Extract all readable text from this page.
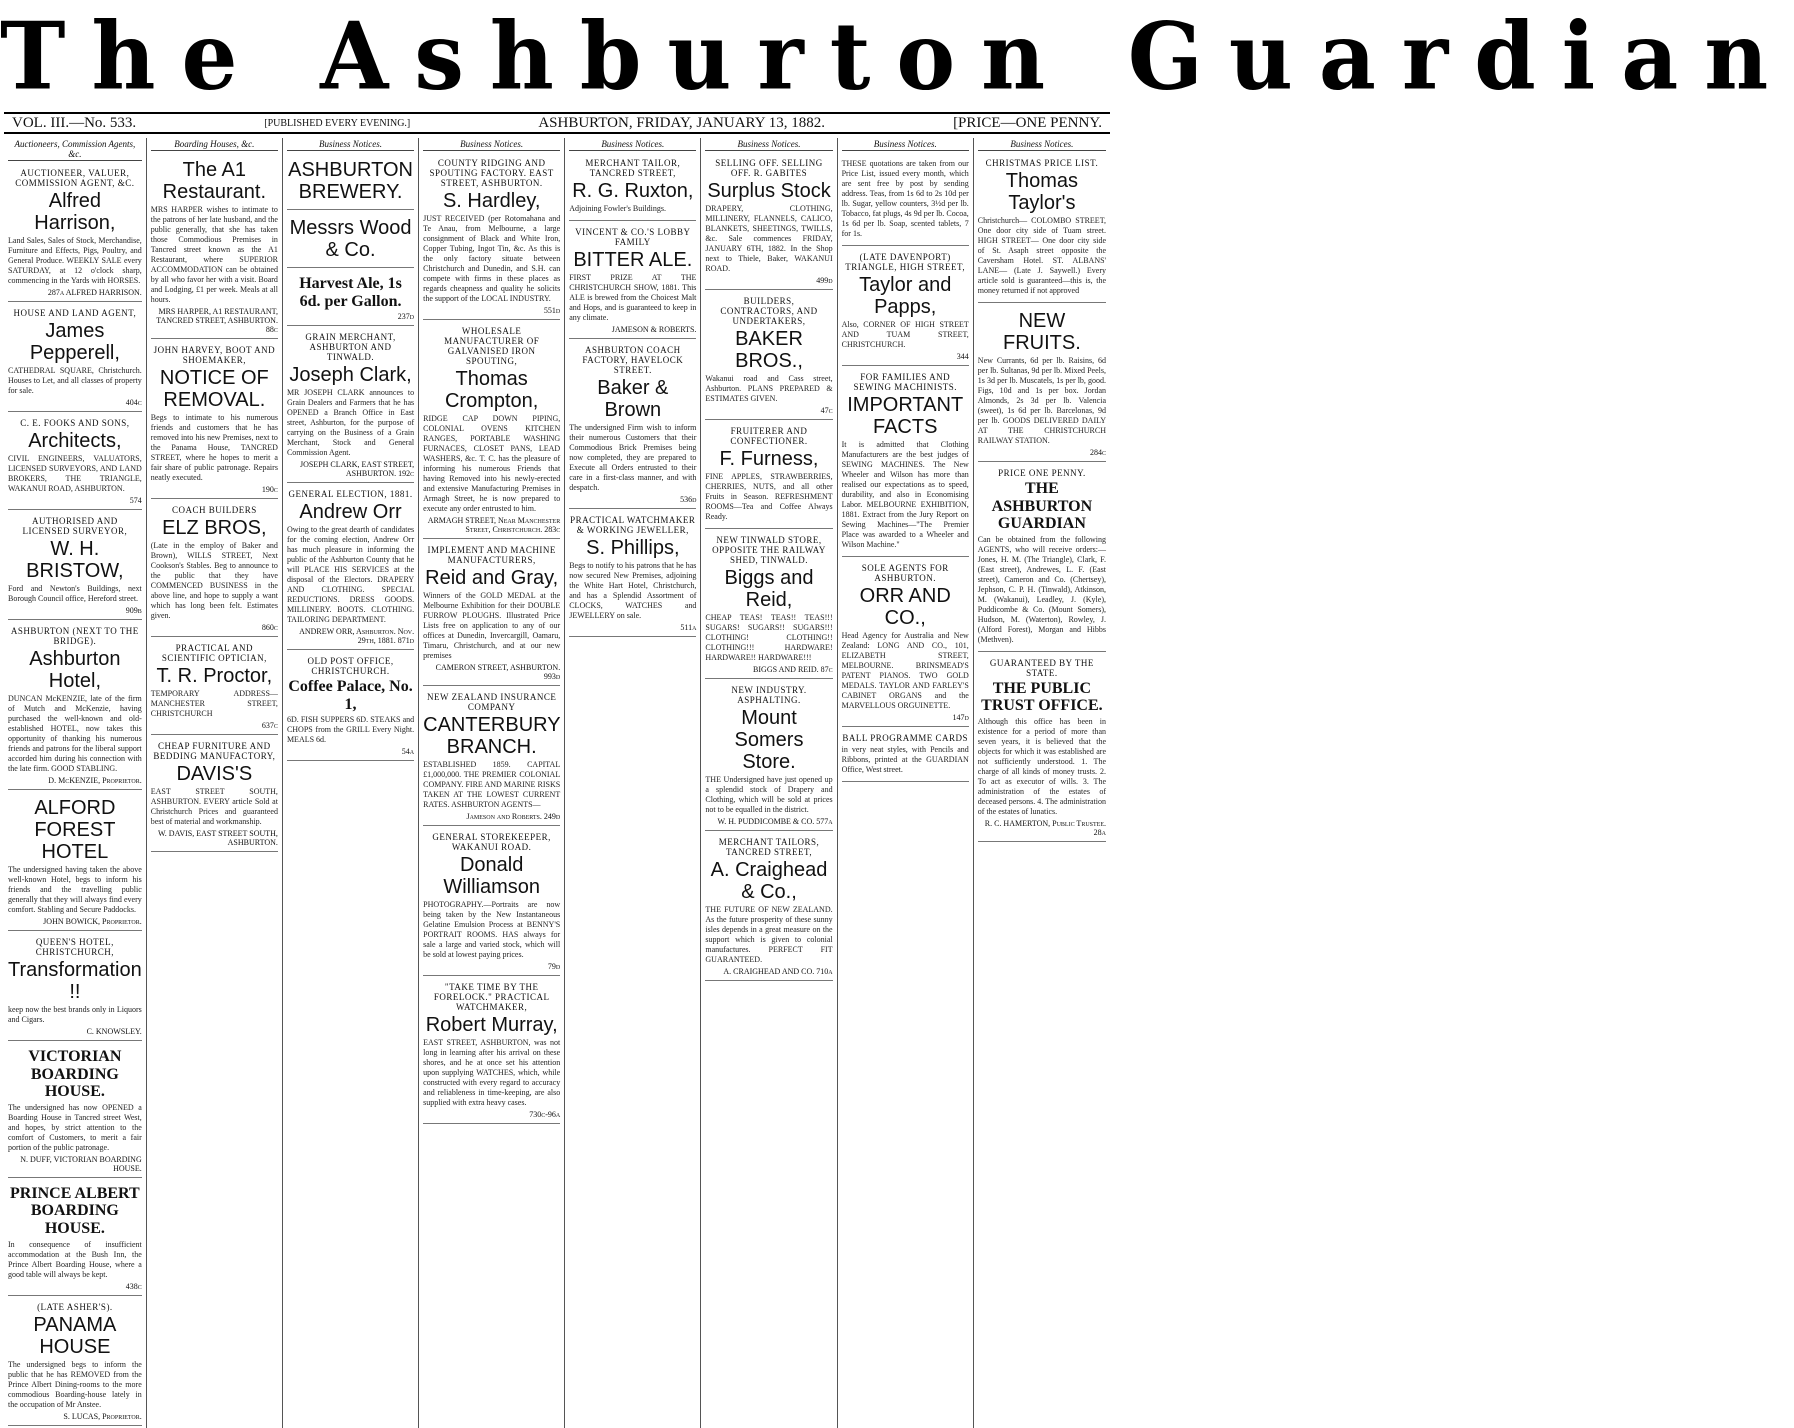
The Ashburton Guardian
VOL. III.—No. 533.	[PUBLISHED EVERY EVENING.]	ASHBURTON, FRIDAY, JANUARY 13, 1882.	[PRICE—ONE PENNY.
Auctioneers, Commission Agents, &c.
AUCTIONEER, VALUER, COMMISSION AGENT, &C.
Alfred Harrison,

Land Sales, Sales of Stock, Merchandise, Furniture and Effects, Pigs, Poultry, and General Produce. WEEKLY SALE every SATURDAY, at 12 o'clock sharp, commencing in the Yards with HORSES.

287a ALFRED HARRISON.
HOUSE AND LAND AGENT,
James Pepperell,

CATHEDRAL SQUARE, Christchurch. Houses to Let, and all classes of property for sale.

404c
C. E. FOOKS AND SONS,
Architects,

CIVIL ENGINEERS, VALUATORS, LICENSED SURVEYORS, AND LAND BROKERS, THE TRIANGLE, WAKANUI ROAD, ASHBURTON.

574
AUTHORISED AND LICENSED SURVEYOR,
W. H. BRISTOW,

Ford and Newton's Buildings, next Borough Council office, Hereford street.

909b
ASHBURTON (NEXT TO THE BRIDGE).
Ashburton Hotel,

DUNCAN McKENZIE, late of the firm of Mutch and McKenzie, having purchased the well-known and old-established HOTEL, now takes this opportunity of thanking his numerous friends and patrons for the liberal support accorded him during his connection with the late firm. GOOD STABLING.

D. McKENZIE, Proprietor.
ALFORD FOREST HOTEL

The undersigned having taken the above well-known Hotel, begs to inform his friends and the travelling public generally that they will always find every comfort. Stabling and Secure Paddocks.

JOHN BOWICK, Proprietor.
QUEEN'S HOTEL, CHRISTCHURCH,
Transformation !!

keep now the best brands only in Liquors and Cigars.

C. KNOWSLEY.
VICTORIAN BOARDING HOUSE.

The undersigned has now OPENED a Boarding House in Tancred street West, and hopes, by strict attention to the comfort of Customers, to merit a fair portion of the public patronage.

N. DUFF, VICTORIAN BOARDING HOUSE.
PRINCE ALBERT BOARDING HOUSE.

In consequence of insufficient accommodation at the Bush Inn, the Prince Albert Boarding House, where a good table will always be kept.

438c
(LATE ASHER'S).
PANAMA HOUSE

The undersigned begs to inform the public that he has REMOVED from the Prince Albert Dining-rooms to the more commodious Boarding-house lately in the occupation of Mr Anstee.

S. LUCAS, Proprietor.
Boarding Houses, &c.
The A1 Restaurant.

MRS HARPER wishes to intimate to the patrons of her late husband, and the public generally, that she has taken those Commodious Premises in Tancred street known as the A1 Restaurant, where SUPERIOR ACCOMMODATION can be obtained by all who favor her with a visit. Board and Lodging, £1 per week. Meals at all hours.

MRS HARPER, A1 RESTAURANT, TANCRED STREET, ASHBURTON. 88c
JOHN HARVEY, BOOT AND SHOEMAKER,
NOTICE OF REMOVAL.

Begs to intimate to his numerous friends and customers that he has removed into his new Premises, next to the Panama House, TANCRED STREET, where he hopes to merit a fair share of public patronage. Repairs neatly executed.

190c
COACH BUILDERS
ELZ BROS,

(Late in the employ of Baker and Brown), WILLS STREET, Next Cookson's Stables. Beg to announce to the public that they have COMMENCED BUSINESS in the above line, and hope to supply a want which has long been felt. Estimates given.

860c
PRACTICAL AND SCIENTIFIC OPTICIAN,
T. R. Proctor,

TEMPORARY ADDRESS— MANCHESTER STREET, CHRISTCHURCH

637c
CHEAP FURNITURE AND BEDDING MANUFACTORY,
DAVIS'S

EAST STREET SOUTH, ASHBURTON. EVERY article Sold at Christchurch Prices and guaranteed best of material and workmanship.

W. DAVIS, EAST STREET SOUTH, ASHBURTON.
Business Notices.
ASHBURTON BREWERY.
Messrs Wood & Co.
Harvest Ale, 1s 6d. per Gallon.
237d
GRAIN MERCHANT, ASHBURTON AND TINWALD.
Joseph Clark,

MR JOSEPH CLARK announces to Grain Dealers and Farmers that he has OPENED a Branch Office in East street, Ashburton, for the purpose of carrying on the Business of a Grain Merchant, Stock and General Commission Agent.

JOSEPH CLARK, EAST STREET, ASHBURTON. 192c
GENERAL ELECTION, 1881.
Andrew Orr

Owing to the great dearth of candidates for the coming election, Andrew Orr has much pleasure in informing the public of the Ashburton County that he will PLACE HIS SERVICES at the disposal of the Electors. DRAPERY AND CLOTHING. SPECIAL REDUCTIONS. DRESS GOODS. MILLINERY. BOOTS. CLOTHING. TAILORING DEPARTMENT.

ANDREW ORR, Ashburton. Nov. 29th, 1881. 871d
OLD POST OFFICE, CHRISTCHURCH.
Coffee Palace, No. 1,

6D. FISH SUPPERS 6D. STEAKS and CHOPS from the GRILL Every Night. MEALS 6d.

54a
Business Notices.
COUNTY RIDGING AND SPOUTING FACTORY. EAST STREET, ASHBURTON.
S. Hardley,

JUST RECEIVED (per Rotomahana and Te Anau, from Melbourne, a large consignment of Black and White Iron, Copper Tubing, Ingot Tin, &c. As this is the only factory situate between Christchurch and Dunedin, and S.H. can compete with firms in these places as regards cheapness and quality he solicits the support of the LOCAL INDUSTRY.

551d
WHOLESALE MANUFACTURER OF GALVANISED IRON SPOUTING,
Thomas Crompton,

RIDGE CAP DOWN PIPING, COLONIAL OVENS KITCHEN RANGES, PORTABLE WASHING FURNACES, CLOSET PANS, LEAD WASHERS, &c. T. C. has the pleasure of informing his numerous Friends that having Removed into his newly-erected and extensive Manufacturing Premises in Armagh Street, he is now prepared to execute any order entrusted to him.

ARMAGH STREET, Near Manchester Street, Christchurch. 283c
IMPLEMENT AND MACHINE MANUFACTURERS,
Reid and Gray,

Winners of the GOLD MEDAL at the Melbourne Exhibition for their DOUBLE FURROW PLOUGHS. Illustrated Price Lists free on application to any of our offices at Dunedin, Invercargill, Oamaru, Timaru, Christchurch, and at our new premises

CAMERON STREET, ASHBURTON. 993d
NEW ZEALAND INSURANCE COMPANY
CANTERBURY BRANCH.

ESTABLISHED 1859. CAPITAL £1,000,000. THE PREMIER COLONIAL COMPANY. FIRE AND MARINE RISKS TAKEN AT THE LOWEST CURRENT RATES. ASHBURTON AGENTS—

Jameson and Roberts. 249d
GENERAL STOREKEEPER, WAKANUI ROAD.
Donald Williamson

PHOTOGRAPHY.—Portraits are now being taken by the New Instantaneous Gelatine Emulsion Process at BENNY'S PORTRAIT ROOMS. HAS always for sale a large and varied stock, which will be sold at lowest paying prices.

79d
"TAKE TIME BY THE FORELOCK." PRACTICAL WATCHMAKER,
Robert Murray,

EAST STREET, ASHBURTON, was not long in learning after his arrival on these shores, and he at once set his attention upon supplying WATCHES, which, while constructed with every regard to accuracy and reliableness in time-keeping, are also supplied with extra heavy cases.

730c-96a
Business Notices.
MERCHANT TAILOR, TANCRED STREET,
R. G. Ruxton,

Adjoining Fowler's Buildings.

VINCENT & CO.'S LOBBY FAMILY
BITTER ALE.

FIRST PRIZE AT THE CHRISTCHURCH SHOW, 1881. This ALE is brewed from the Choicest Malt and Hops, and is guaranteed to keep in any climate.

JAMESON & ROBERTS.
ASHBURTON COACH FACTORY, HAVELOCK STREET.
Baker & Brown

The undersigned Firm wish to inform their numerous Customers that their Commodious Brick Premises being now completed, they are prepared to Execute all Orders entrusted to their care in a first-class manner, and with despatch.

536d
PRACTICAL WATCHMAKER & WORKING JEWELLER,
S. Phillips,

Begs to notify to his patrons that he has now secured New Premises, adjoining the White Hart Hotel, Christchurch, and has a Splendid Assortment of CLOCKS, WATCHES and JEWELLERY on sale.

511a
Business Notices.
SELLING OFF. SELLING OFF. R. GABITES
Surplus Stock

DRAPERY, CLOTHING, MILLINERY, FLANNELS, CALICO, BLANKETS, SHEETINGS, TWILLS, &c. Sale commences FRIDAY, JANUARY 6TH, 1882. In the Shop next to Thiele, Baker, WAKANUI ROAD.

499d
BUILDERS, CONTRACTORS, AND UNDERTAKERS,
BAKER BROS.,

Wakanui road and Cass street, Ashburton. PLANS PREPARED & ESTIMATES GIVEN.

47c
FRUITERER AND CONFECTIONER.
F. Furness,

FINE APPLES, STRAWBERRIES, CHERRIES, NUTS, and all other Fruits in Season. REFRESHMENT ROOMS—Tea and Coffee Always Ready.

NEW TINWALD STORE, OPPOSITE THE RAILWAY SHED, TINWALD.
Biggs and Reid,

CHEAP TEAS! TEAS!! TEAS!!! SUGARS! SUGARS!! SUGARS!!! CLOTHING! CLOTHING!! CLOTHING!!! HARDWARE! HARDWARE!! HARDWARE!!!

BIGGS AND REID. 87c
NEW INDUSTRY. ASPHALTING.
Mount Somers Store.

THE Undersigned have just opened up a splendid stock of Drapery and Clothing, which will be sold at prices not to be equalled in the district.

W. H. PUDDICOMBE & CO. 577a
MERCHANT TAILORS, TANCRED STREET,
A. Craighead & Co.,

THE FUTURE OF NEW ZEALAND. As the future prosperity of these sunny isles depends in a great measure on the support which is given to colonial manufactures. PERFECT FIT GUARANTEED.

A. CRAIGHEAD AND CO. 710a
Business Notices.

THESE quotations are taken from our Price List, issued every month, which are sent free by post by sending address. Teas, from 1s 6d to 2s 10d per lb. Sugar, yellow counters, 3½d per lb. Tobacco, fat plugs, 4s 9d per lb. Cocoa, 1s 6d per lb. Soap, scented tablets, 7 for 1s.

(LATE DAVENPORT) TRIANGLE, HIGH STREET,
Taylor and Papps,

Also, CORNER OF HIGH STREET AND TUAM STREET, CHRISTCHURCH.

344
FOR FAMILIES AND SEWING MACHINISTS.
IMPORTANT FACTS

It is admitted that Clothing Manufacturers are the best judges of SEWING MACHINES. The New Wheeler and Wilson has more than realised our expectations as to speed, durability, and also in Economising Labor. MELBOURNE EXHIBITION, 1881. Extract from the Jury Report on Sewing Machines—"The Premier Place was awarded to a Wheeler and Wilson Machine."

SOLE AGENTS FOR ASHBURTON.
ORR AND CO.,

Head Agency for Australia and New Zealand: LONG AND CO., 101, ELIZABETH STREET, MELBOURNE. BRINSMEAD'S PATENT PIANOS. TWO GOLD MEDALS. TAYLOR AND FARLEY'S CABINET ORGANS and the MARVELLOUS ORGUINETTE.

147d
BALL PROGRAMME CARDS

in very neat styles, with Pencils and Ribbons, printed at the GUARDIAN Office, West street.

Business Notices.
CHRISTMAS PRICE LIST.
Thomas Taylor's

Christchurch— COLOMBO STREET, One door city side of Tuam street. HIGH STREET— One door city side of St. Asaph street opposite the Caversham Hotel. ST. ALBANS' LANE— (Late J. Saywell.) Every article sold is guaranteed—this is, the money returned if not approved

NEW FRUITS.

New Currants, 6d per lb. Raisins, 6d per lb. Sultanas, 9d per lb. Mixed Peels, 1s 3d per lb. Muscatels, 1s per lb, good. Figs, 10d and 1s per box. Jordan Almonds, 2s 3d per lb. Valencia (sweet), 1s 6d per lb. Barcelonas, 9d per lb. GOODS DELIVERED DAILY AT THE CHRISTCHURCH RAILWAY STATION.

284c
PRICE ONE PENNY.
THE ASHBURTON GUARDIAN

Can be obtained from the following AGENTS, who will receive orders:— Jones, H. M. (The Triangle), Clark, F. (East street), Andrewes, L. F. (East street), Cameron and Co. (Chertsey), Jephson, C. P. H. (Tinwald), Atkinson, M. (Wakanui), Leadley, J. (Kyle), Puddicombe & Co. (Mount Somers), Hudson, M. (Waterton), Rowley, J. (Alford Forest), Morgan and Hibbs (Methven).

GUARANTEED BY THE STATE.
THE PUBLIC TRUST OFFICE.

Although this office has been in existence for a period of more than seven years, it is believed that the objects for which it was established are not sufficiently understood. 1. The charge of all kinds of money trusts. 2. To act as executor of wills. 3. The administration of the estates of deceased persons. 4. The administration of the estates of lunatics.

R. C. HAMERTON, Public Trustee. 28a
